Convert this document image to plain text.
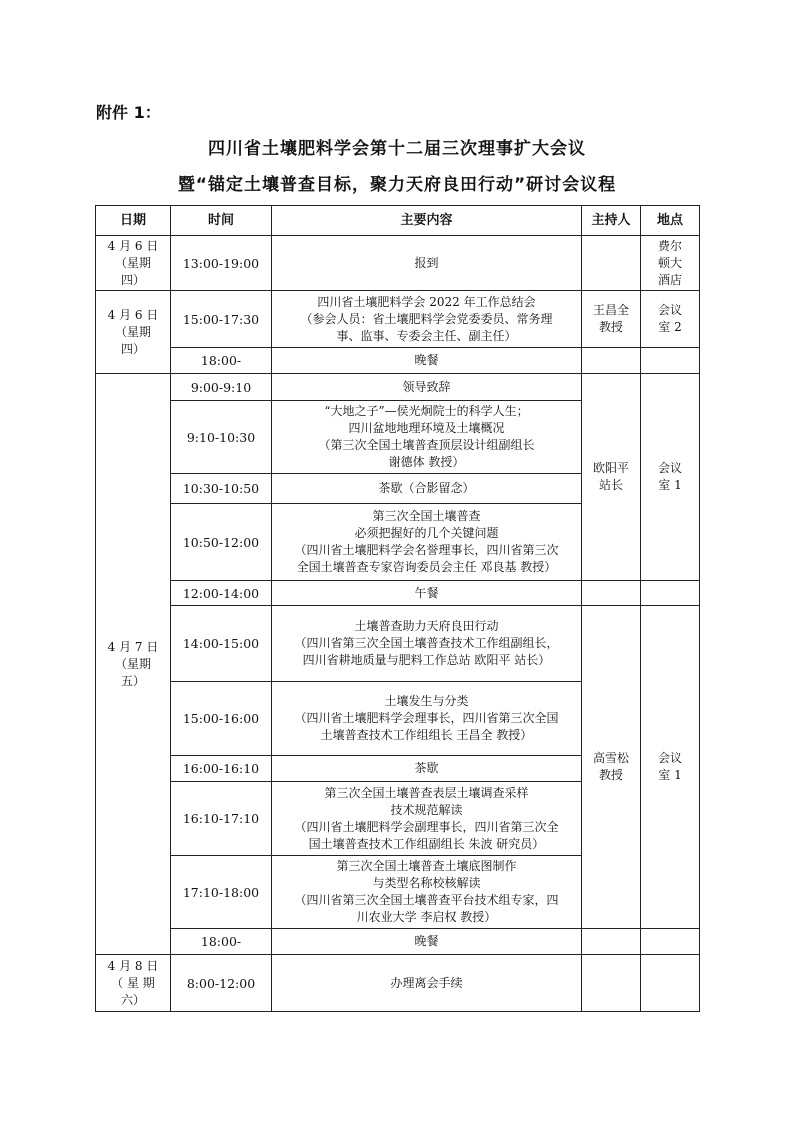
附件 1：
四川省土壤肥料学会第十二届三次理事扩大会议
暨“锚定土壤普查目标，聚力天府良田行动”研讨会议程
日期	时间	主要内容	主持人	地点

4 月 6 日
（星期
四）	13:00-19:00	报到		费尔
顿大
酒店

4 月 6 日
（星期
四）	15:00-17:30	四川省土壤肥料学会 2022 年工作总结会
（参会人员：省土壤肥料学会党委委员、常务理
事、监事、专委会主任、副主任）	王昌全
教授	会议
室 2

	18:00-	晚餐		

4 月 7 日
（星期
五）	9:00-9:10	领导致辞	欧阳平
站长	会议
室 1

	9:10-10:30	“大地之子”—侯光炯院士的科学人生；
四川盆地地理环境及土壤概况
（第三次全国土壤普查顶层设计组副组长
谢德体 教授）		

	10:30-10:50	茶歇（合影留念）		

	10:50-12:00	第三次全国土壤普查
必须把握好的几个关键问题
（四川省土壤肥料学会名誉理事长，四川省第三次
全国土壤普查专家咨询委员会主任 邓良基 教授）		

	12:00-14:00	午餐		

	14:00-15:00	土壤普查助力天府良田行动
（四川省第三次全国土壤普查技术工作组副组长，
四川省耕地质量与肥料工作总站 欧阳平 站长）	高雪松
教授	会议
室 1

	15:00-16:00	土壤发生与分类
（四川省土壤肥料学会理事长，四川省第三次全国
土壤普查技术工作组组长 王昌全 教授）		

	16:00-16:10	茶歇		

	16:10-17:10	第三次全国土壤普查表层土壤调查采样
技术规范解读
（四川省土壤肥料学会副理事长，四川省第三次全
国土壤普查技术工作组副组长 朱波 研究员）		

	17:10-18:00	第三次全国土壤普查土壤底图制作
与类型名称校核解读
（四川省第三次全国土壤普查平台技术组专家，四
川农业大学 李启权 教授）		

	18:00-	晚餐		

4 月 8 日
（ 星 期
六）	8:00-12:00	办理离会手续		
